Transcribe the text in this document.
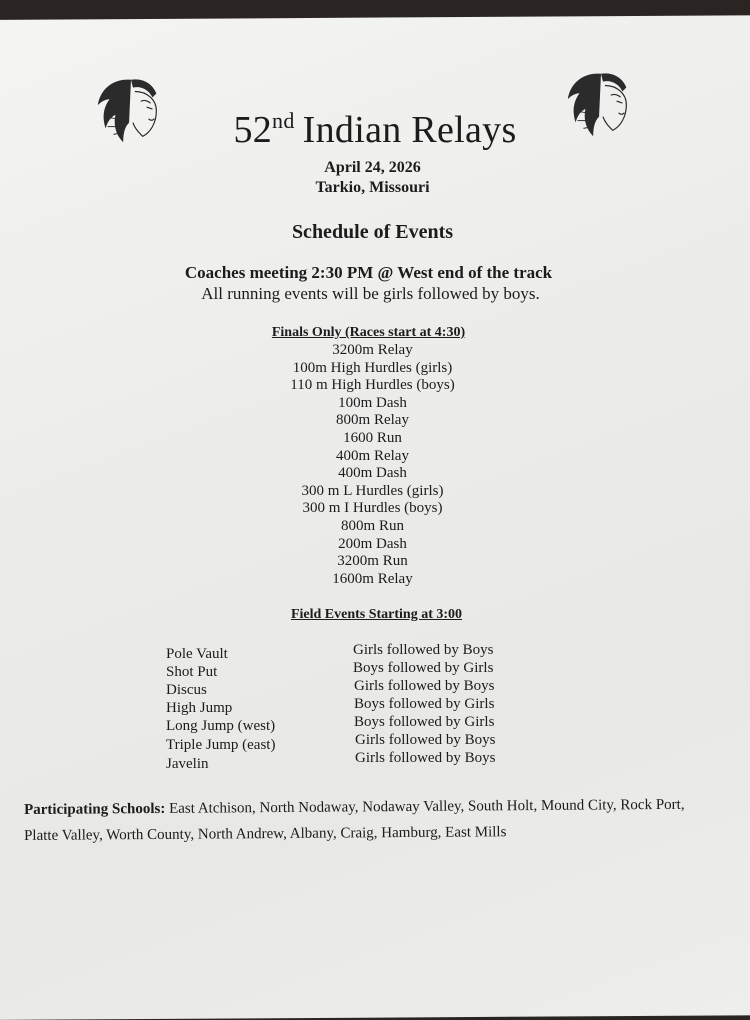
52nd Indian Relays
April 24, 2026
Tarkio, Missouri
Schedule of Events
Coaches meeting 2:30 PM @ West end of the track
All running events will be girls followed by boys.
Finals Only (Races start at 4:30)
3200m Relay
100m High Hurdles (girls)
110 m High Hurdles (boys)
100m Dash
800m Relay
1600 Run
400m Relay
400m Dash
300 m L Hurdles (girls)
300 m I Hurdles (boys)
800m Run
200m Dash
3200m Run
1600m Relay
Field Events Starting at 3:00
Pole Vault	Girls followed by Boys
Shot Put	Boys followed by Girls
Discus	Girls followed by Boys
High Jump	Boys followed by Girls
Long Jump (west)	Boys followed by Girls
Triple Jump (east)	Girls followed by Boys
Javelin	Girls followed by Boys
Participating Schools: East Atchison, North Nodaway, Nodaway Valley, South Holt, Mound City, Rock Port,
Platte Valley, Worth County, North Andrew, Albany, Craig, Hamburg, East Mills
